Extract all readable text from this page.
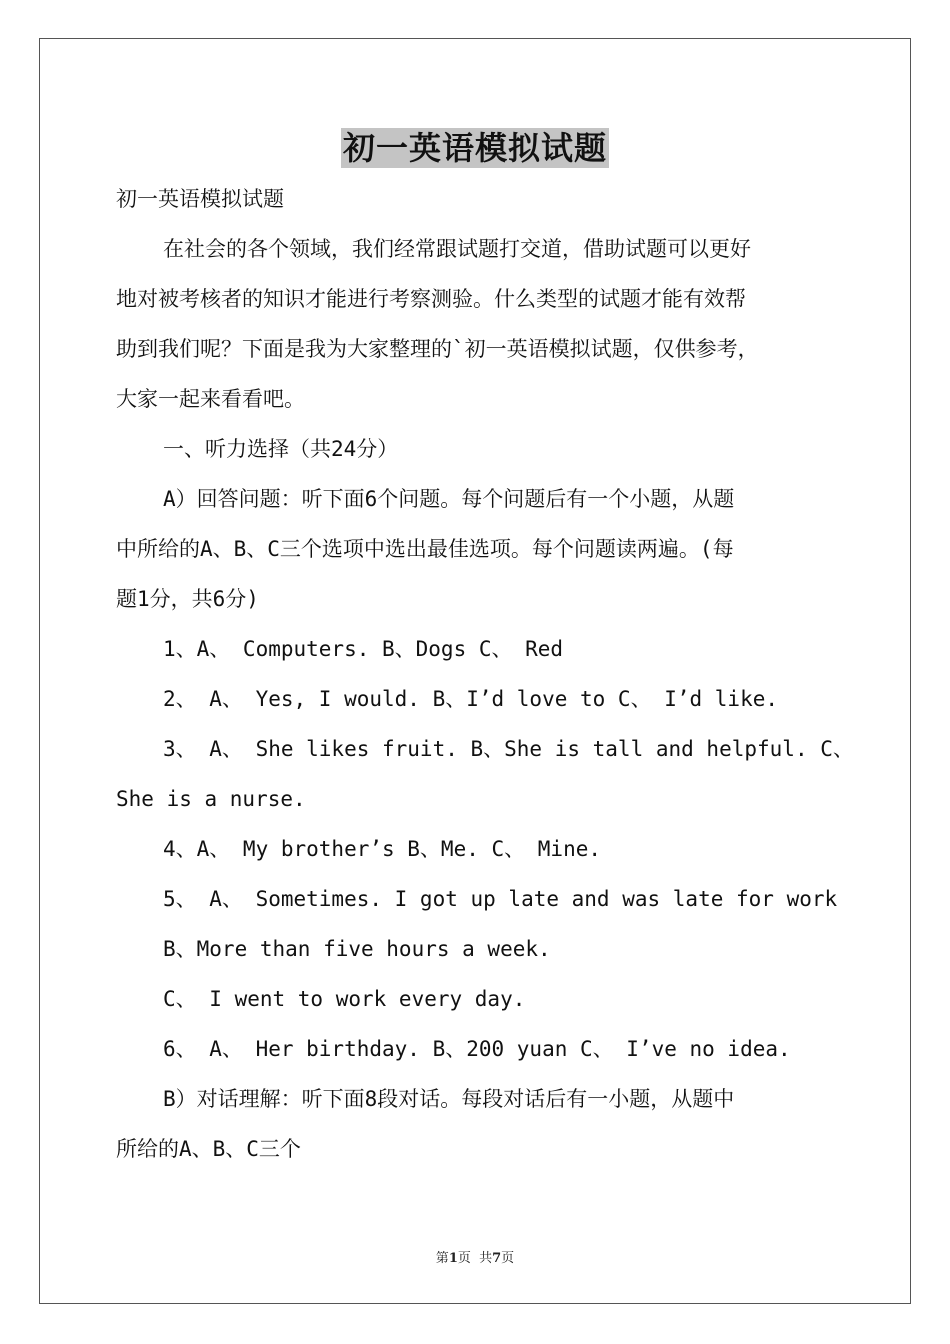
初一英语模拟试题
初一英语模拟试题
在社会的各个领域，我们经常跟试题打交道，借助试题可以更好
地对被考核者的知识才能进行考察测验。什么类型的试题才能有效帮
助到我们呢？下面是我为大家整理的`初一英语模拟试题，仅供参考，
大家一起来看看吧。
一、听力选择（共24分）
A）回答问题：听下面6个问题。每个问题后有一个小题，从题
中所给的A、B、C三个选项中选出最佳选项。每个问题读两遍。(每
题1分，共6分)
1、A、 Computers. B、Dogs C、 Red
2、 A、 Yes, I would. B、I’d love to C、 I’d like.
3、 A、 She likes fruit. B、She is tall and helpful. C、
She is a nurse.
4、A、 My brother’s B、Me. C、 Mine.
5、 A、 Sometimes. I got up late and was late for work
B、More than five hours a week.
C、 I went to work every day.
6、 A、 Her birthday. B、200 yuan C、 I’ve no idea.
B）对话理解：听下面8段对话。每段对话后有一小题，从题中
所给的A、B、C三个
第1页  共7页
